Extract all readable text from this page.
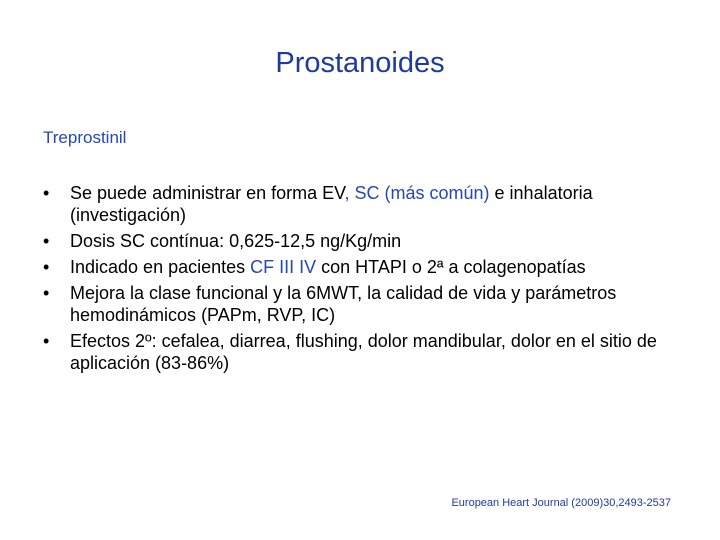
Prostanoides
Treprostinil
• Se puede administrar en forma EV, SC (más común) e inhalatoria (investigación)
• Dosis SC contínua: 0,625-12,5 ng/Kg/min
• Indicado en pacientes CF III IV con HTAPI o 2ª a colagenopatías
• Mejora la clase funcional y la 6MWT, la calidad de vida y parámetros hemodinámicos (PAPm, RVP, IC)
• Efectos 2º: cefalea, diarrea, flushing, dolor mandibular, dolor en el sitio de aplicación (83-86%)

European Heart Journal (2009)30,2493-2537
